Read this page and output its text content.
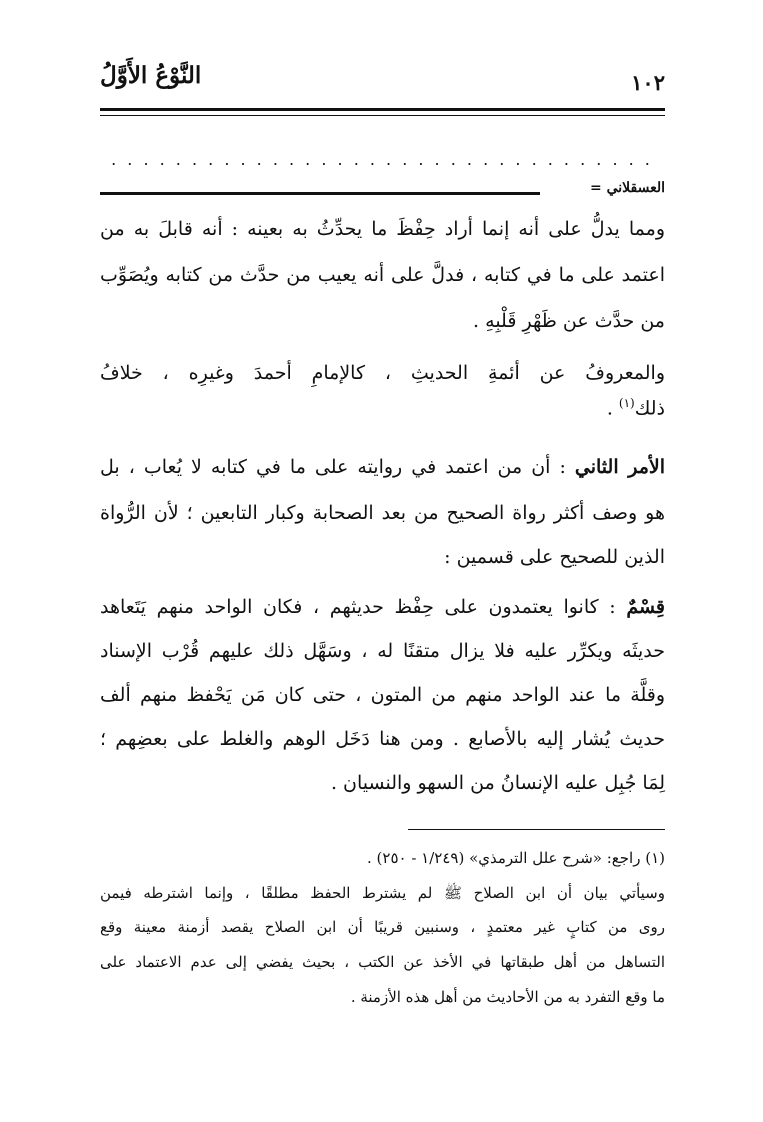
١٠٢
النَّوْعُ الأَوَّلُ
. . . . . . . . . . . . . . . . . . . . . . . . . . . . . . . . . .
العسقلاني =
ومما يدلُّ على أنه إنما أراد حِفْظَ ما يحدِّثُ به بعينه : أنه قابلَ به من
اعتمد على ما في كتابه ، فدلَّ على أنه يعيب من حدَّث من كتابه ويُصَوِّب
من حدَّث عن ظَهْرِ قَلْبِهِ .
والمعروفُ عن أئمةِ الحديثِ ، كالإمامِ أحمدَ وغيرِه ، خلافُ
ذلك$^{(١)}$ .
الأمر الثاني : أن من اعتمد في روايته على ما في كتابه لا يُعاب ، بل
هو وصف أكثر رواة الصحيح من بعد الصحابة وكبار التابعين ؛ لأن الرُّواة
الذين للصحيح على قسمين :
قِسْمٌ : كانوا يعتمدون على حِفْظ حديثهم ، فكان الواحد منهم يَتَعاهد
حديثَه ويكرِّر عليه فلا يزال متقنًا له ، وسَهَّل ذلك عليهم قُرْب الإسناد
وقلَّة ما عند الواحد منهم من المتون ، حتى كان مَن يَحْفظ منهم ألف
حديث يُشار إليه بالأصابع . ومن هنا دَخَل الوهم والغلط على بعضِهم ؛
لِمَا جُبِل عليه الإنسانُ من السهو والنسيان .
(١) راجع: «شرح علل الترمذي» (١/٢٤٩ - ٢٥٠) .
وسيأتي بيان أن ابن الصلاح ﷺ لم يشترط الحفظ مطلقًا ، وإنما اشترطه فيمن
روى من كتابٍ غير معتمدٍ ، وسنبين قريبًا أن ابن الصلاح يقصد أزمنة معينة وقع
التساهل من أهل طبقاتها في الأخذ عن الكتب ، بحيث يفضي إلى عدم الاعتماد على
ما وقع التفرد به من الأحاديث من أهل هذه الأزمنة .
